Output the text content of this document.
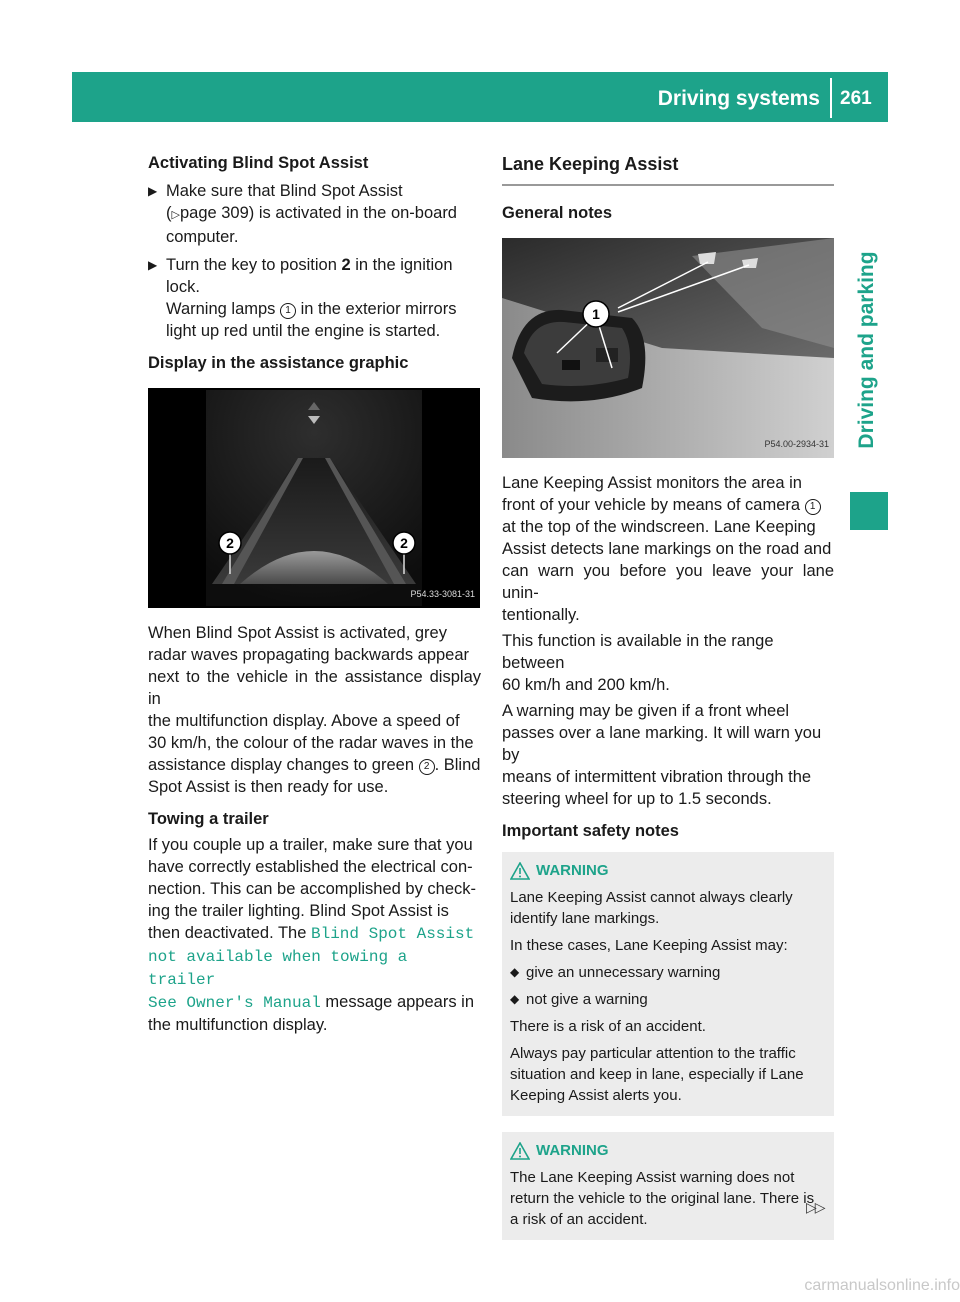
Driving systems 261
Driving and parking
Activating Blind Spot Assist
▶ Make sure that Blind Spot Assist
(▷page 309) is activated in the on-board
computer.
▶ Turn the key to position 2 in the ignition
lock.
Warning lamps 1 in the exterior mirrors
light up red until the engine is started.
Display in the assistance graphic
2	2
P54.33-3081-31
When Blind Spot Assist is activated, grey
radar waves propagating backwards appear
next to the vehicle in the assistance display in
the multifunction display. Above a speed of
30 km/h, the colour of the radar waves in the
assistance display changes to green 2 . Blind
Spot Assist is then ready for use.
Towing a trailer
If you couple up a trailer, make sure that you
have correctly established the electrical con-
nection. This can be accomplished by check-
ing the trailer lighting. Blind Spot Assist is
then deactivated. The Blind Spot Assist
not available when towing a trailer
See Owner's Manual message appears in
the multifunction display.
Lane Keeping Assist
General notes
1
P54.00-2934-31
Lane Keeping Assist monitors the area in
front of your vehicle by means of camera 1
at the top of the windscreen. Lane Keeping
Assist detects lane markings on the road and
can warn you before you leave your lane unin-
tentionally.
This function is available in the range between
60 km/h and 200 km/h.
A warning may be given if a front wheel
passes over a lane marking. It will warn you by
means of intermittent vibration through the
steering wheel for up to 1.5 seconds.
Important safety notes
WARNING

Lane Keeping Assist cannot always clearly
identify lane markings.

In these cases, Lane Keeping Assist may:

◆ give an unnecessary warning
◆ not give a warning

There is a risk of an accident.

Always pay particular attention to the traffic
situation and keep in lane, especially if Lane
Keeping Assist alerts you.

WARNING

The Lane Keeping Assist warning does not
return the vehicle to the original lane. There is
a risk of an accident.

▷▷
carmanualsonline.info
